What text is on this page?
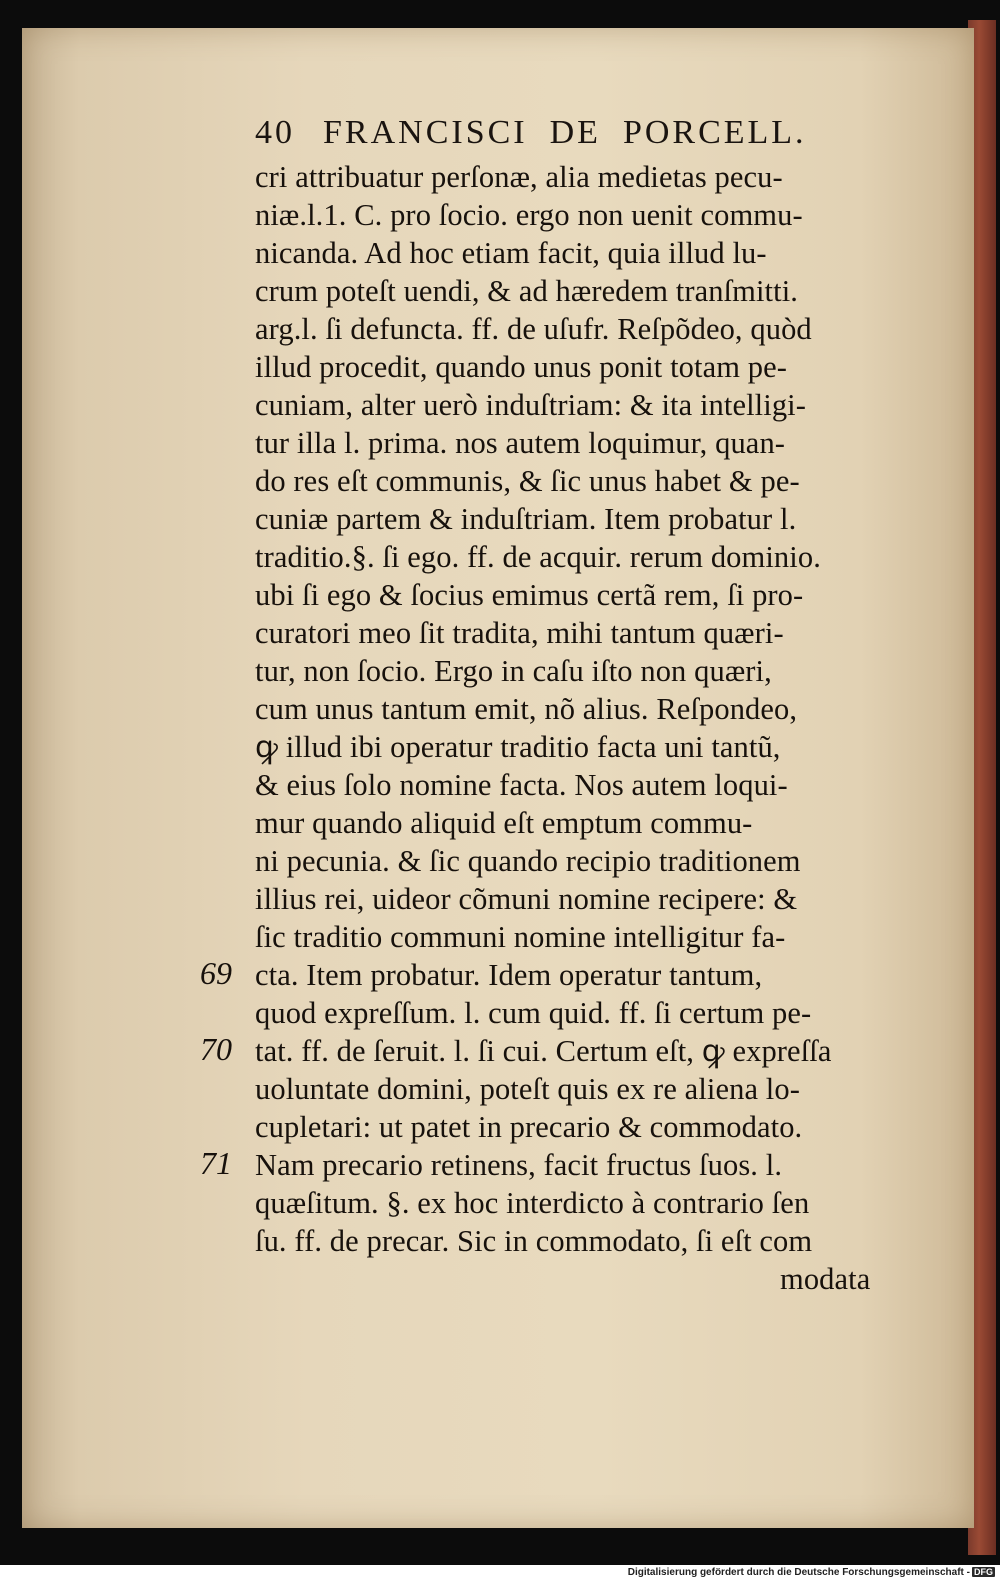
40 FRANCISCI DE PORCELL.
cri attribuatur perſonæ, alia medietas pecu-
niæ.l.1. C. pro ſocio. ergo non uenit commu-
nicanda. Ad hoc etiam facit, quia illud lu-
crum poteſt uendi, & ad hæredem tranſmitti.
arg.l. ſi defuncta. ff. de uſufr. Reſpõdeo, quòd
illud procedit, quando unus ponit totam pe-
cuniam, alter uerò induſtriam: & ita intelligi-
tur illa l. prima. nos autem loquimur, quan-
do res eſt communis, & ſic unus habet & pe-
cuniæ partem & induſtriam. Item probatur l.
traditio.§. ſi ego. ff. de acquir. rerum dominio.
ubi ſi ego & ſocius emimus certã rem, ſi pro-
curatori meo ſit tradita, mihi tantum quæri-
tur, non ſocio. Ergo in caſu iſto non quæri,
cum unus tantum emit, nõ alius. Reſpondeo,
ꝙ illud ibi operatur traditio facta uni tantũ,
& eius ſolo nomine facta. Nos autem loqui-
mur quando aliquid eſt emptum commu-
ni pecunia. & ſic quando recipio traditionem
illius rei, uideor cõmuni nomine recipere: &
ſic traditio communi nomine intelligitur fa-
cta. Item probatur. Idem operatur tantum,
quod expreſſum. l. cum quid. ff. ſi certum pe-
tat. ff. de ſeruit. l. ſi cui. Certum eſt, ꝙ expreſſa
uoluntate domini, poteſt quis ex re aliena lo-
cupletari: ut patet in precario & commodato.
Nam precario retinens, facit fructus ſuos. l.
quæſitum. §. ex hoc interdicto à contrario ſen
ſu. ff. de precar. Sic in commodato, ſi eſt com
modata
69
70
71
Digitalisierung gefördert durch die Deutsche Forschungsgemeinschaft - DFG
